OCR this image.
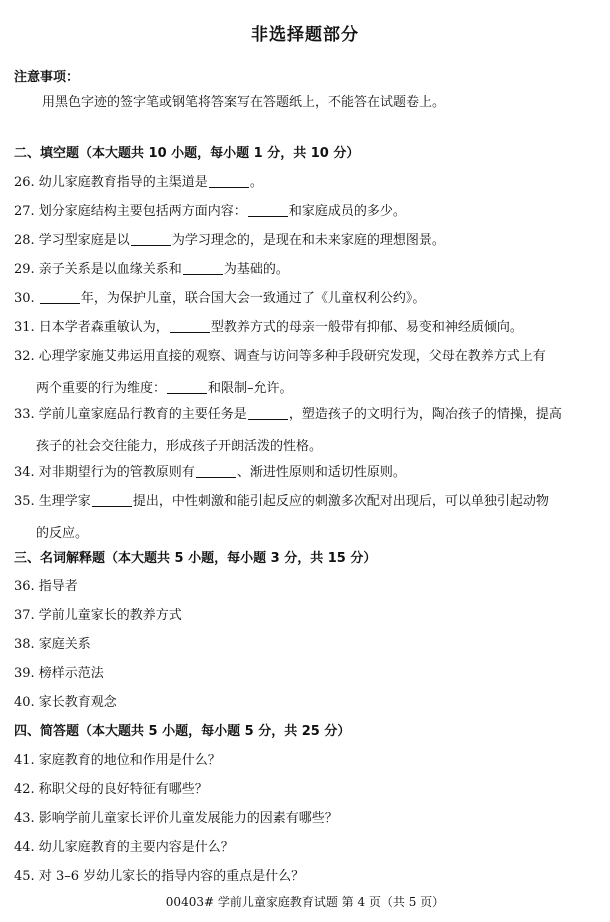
非选择题部分
注意事项：
用黑色字迹的签字笔或钢笔将答案写在答题纸上，不能答在试题卷上。
二、填空题（本大题共 10 小题，每小题 1 分，共 10 分）
26. 幼儿家庭教育指导的主渠道是	。
27. 划分家庭结构主要包括两方面内容：	和家庭成员的多少。
28. 学习型家庭是以	为学习理念的，是现在和未来家庭的理想图景。
29. 亲子关系是以血缘关系和	为基础的。
30.	年，为保护儿童，联合国大会一致通过了《儿童权利公约》。
31. 日本学者森重敏认为，	型教养方式的母亲一般带有抑郁、易变和神经质倾向。
32. 心理学家施艾弗运用直接的观察、调查与访问等多种手段研究发现，父母在教养方式上有
两个重要的行为维度：	和限制–允许。
33. 学前儿童家庭品行教育的主要任务是	，塑造孩子的文明行为，陶冶孩子的情操，提高
孩子的社会交往能力，形成孩子开朗活泼的性格。
34. 对非期望行为的管教原则有	、渐进性原则和适切性原则。
35. 生理学家	提出，中性刺激和能引起反应的刺激多次配对出现后，可以单独引起动物
的反应。
三、名词解释题（本大题共 5 小题，每小题 3 分，共 15 分）
36. 指导者
37. 学前儿童家长的教养方式
38. 家庭关系
39. 榜样示范法
40. 家长教育观念
四、简答题（本大题共 5 小题，每小题 5 分，共 25 分）
41. 家庭教育的地位和作用是什么？
42. 称职父母的良好特征有哪些？
43. 影响学前儿童家长评价儿童发展能力的因素有哪些？
44. 幼儿家庭教育的主要内容是什么？
45. 对 3–6 岁幼儿家长的指导内容的重点是什么？
00403# 学前儿童家庭教育试题 第 4 页（共 5 页）
